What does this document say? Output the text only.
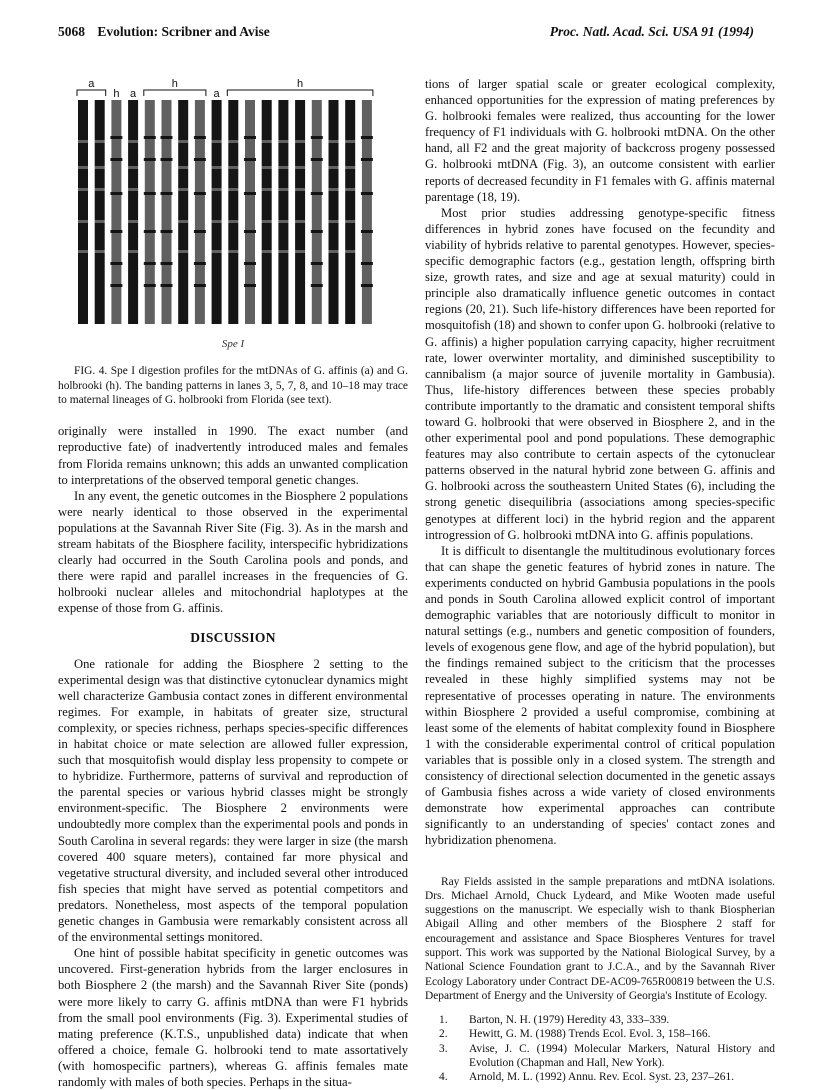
5068 Evolution: Scribner and Avise	Proc. Natl. Acad. Sci. USA 91 (1994)
a
h a
h
a
h
Spe I

FIG. 4. Spe I digestion profiles for the mtDNAs of G. affinis (a) and G. holbrooki (h). The banding patterns in lanes 3, 5, 7, 8, and 10–18 may trace to maternal lineages of G. holbrooki from Florida (see text).

originally were installed in 1990. The exact number (and reproductive fate) of inadvertently introduced males and females from Florida remains unknown; this adds an unwanted complication to interpretations of the observed temporal genetic changes.

In any event, the genetic outcomes in the Biosphere 2 populations were nearly identical to those observed in the experimental populations at the Savannah River Site (Fig. 3). As in the marsh and stream habitats of the Biosphere facility, interspecific hybridizations clearly had occurred in the South Carolina pools and ponds, and there were rapid and parallel increases in the frequencies of G. holbrooki nuclear alleles and mitochondrial haplotypes at the expense of those from G. affinis.

DISCUSSION

One rationale for adding the Biosphere 2 setting to the experimental design was that distinctive cytonuclear dynamics might well characterize Gambusia contact zones in different environmental regimes. For example, in habitats of greater size, structural complexity, or species richness, perhaps species-specific differences in habitat choice or mate selection are allowed fuller expression, such that mosquitofish would display less propensity to compete or to hybridize. Furthermore, patterns of survival and reproduction of the parental species or various hybrid classes might be strongly environment-specific. The Biosphere 2 environments were undoubtedly more complex than the experimental pools and ponds in South Carolina in several regards: they were larger in size (the marsh covered 400 square meters), contained far more physical and vegetative structural diversity, and included several other introduced fish species that might have served as potential competitors and predators. Nonetheless, most aspects of the temporal population genetic changes in Gambusia were remarkably consistent across all of the environmental settings monitored.

One hint of possible habitat specificity in genetic outcomes was uncovered. First-generation hybrids from the larger enclosures in both Biosphere 2 (the marsh) and the Savannah River Site (ponds) were more likely to carry G. affinis mtDNA than were F1 hybrids from the small pool environments (Fig. 3). Experimental studies of mating preference (K.T.S., unpublished data) indicate that when offered a choice, female G. holbrooki tend to mate assortatively (with homospecific partners), whereas G. affinis females mate randomly with males of both species. Perhaps in the situa-

tions of larger spatial scale or greater ecological complexity, enhanced opportunities for the expression of mating preferences by G. holbrooki females were realized, thus accounting for the lower frequency of F1 individuals with G. holbrooki mtDNA. On the other hand, all F2 and the great majority of backcross progeny possessed G. holbrooki mtDNA (Fig. 3), an outcome consistent with earlier reports of decreased fecundity in F1 females with G. affinis maternal parentage (18, 19).

Most prior studies addressing genotype-specific fitness differences in hybrid zones have focused on the fecundity and viability of hybrids relative to parental genotypes. However, species-specific demographic factors (e.g., gestation length, offspring birth size, growth rates, and size and age at sexual maturity) could in principle also dramatically influence genetic outcomes in contact regions (20, 21). Such life-history differences have been reported for mosquitofish (18) and shown to confer upon G. holbrooki (relative to G. affinis) a higher population carrying capacity, higher recruitment rate, lower overwinter mortality, and diminished susceptibility to cannibalism (a major source of juvenile mortality in Gambusia). Thus, life-history differences between these species probably contribute importantly to the dramatic and consistent temporal shifts toward G. holbrooki that were observed in Biosphere 2, and in the other experimental pool and pond populations. These demographic features may also contribute to certain aspects of the cytonuclear patterns observed in the natural hybrid zone between G. affinis and G. holbrooki across the southeastern United States (6), including the strong genetic disequilibria (associations among species-specific genotypes at different loci) in the hybrid region and the apparent introgression of G. holbrooki mtDNA into G. affinis populations.

It is difficult to disentangle the multitudinous evolutionary forces that can shape the genetic features of hybrid zones in nature. The experiments conducted on hybrid Gambusia populations in the pools and ponds in South Carolina allowed explicit control of important demographic variables that are notoriously difficult to monitor in natural settings (e.g., numbers and genetic composition of founders, levels of exogenous gene flow, and age of the hybrid population), but the findings remained subject to the criticism that the processes revealed in these highly simplified systems may not be representative of processes operating in nature. The environments within Biosphere 2 provided a useful compromise, combining at least some of the elements of habitat complexity found in Biosphere 1 with the considerable experimental control of critical population variables that is possible only in a closed system. The strength and consistency of directional selection documented in the genetic assays of Gambusia fishes across a wide variety of closed environments demonstrate how experimental approaches can contribute significantly to an understanding of species' contact zones and hybridization phenomena.

Ray Fields assisted in the sample preparations and mtDNA isolations. Drs. Michael Arnold, Chuck Lydeard, and Mike Wooten made useful suggestions on the manuscript. We especially wish to thank Biospherian Abigail Alling and other members of the Biosphere 2 staff for encouragement and assistance and Space Biospheres Ventures for travel support. This work was supported by the National Biological Survey, by a National Science Foundation grant to J.C.A., and by the Savannah River Ecology Laboratory under Contract DE-AC09-765R00819 between the U.S. Department of Energy and the University of Georgia's Institute of Ecology.

1. Barton, N. H. (1979) Heredity 43, 333–339.
2. Hewitt, G. M. (1988) Trends Ecol. Evol. 3, 158–166.
3. Avise, J. C. (1994) Molecular Markers, Natural History and Evolution (Chapman and Hall, New York).
4. Arnold, M. L. (1992) Annu. Rev. Ecol. Syst. 23, 237–261.
